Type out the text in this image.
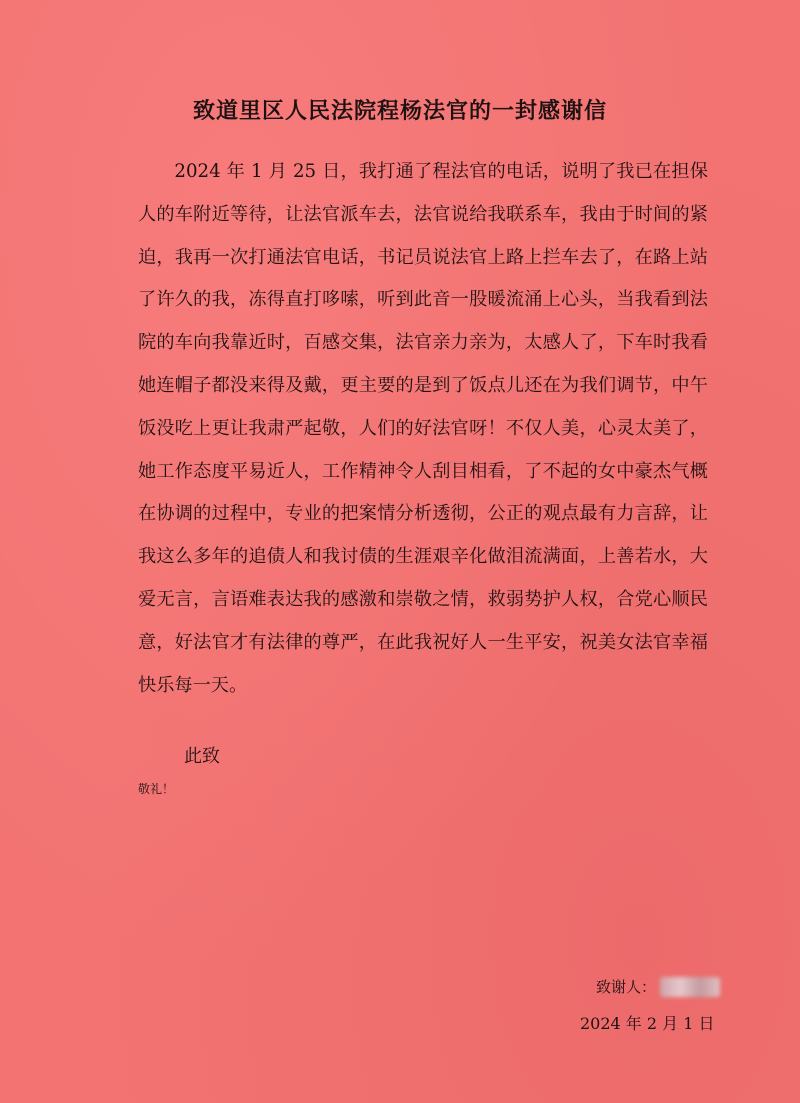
致道里区人民法院程杨法官的一封感谢信

2024 年 1 月 25 日，我打通了程法官的电话，说明了我已在担保人的车附近等待，让法官派车去，法官说给我联系车，我由于时间的紧迫，我再一次打通法官电话，书记员说法官上路上拦车去了，在路上站了许久的我，冻得直打哆嗦，听到此音一股暖流涌上心头，当我看到法院的车向我靠近时，百感交集，法官亲力亲为，太感人了，下车时我看她连帽子都没来得及戴，更主要的是到了饭点儿还在为我们调节，中午饭没吃上更让我肃严起敬，人们的好法官呀！不仅人美，心灵太美了，她工作态度平易近人，工作精神令人刮目相看，了不起的女中豪杰气概在协调的过程中，专业的把案情分析透彻，公正的观点最有力言辞，让我这么多年的追债人和我讨债的生涯艰辛化做泪流满面，上善若水，大爱无言，言语难表达我的感激和崇敬之情，救弱势护人权，合党心顺民意，好法官才有法律的尊严，在此我祝好人一生平安，祝美女法官幸福快乐每一天。

此致

敬礼！

致谢人：

2024 年 2 月 1 日
